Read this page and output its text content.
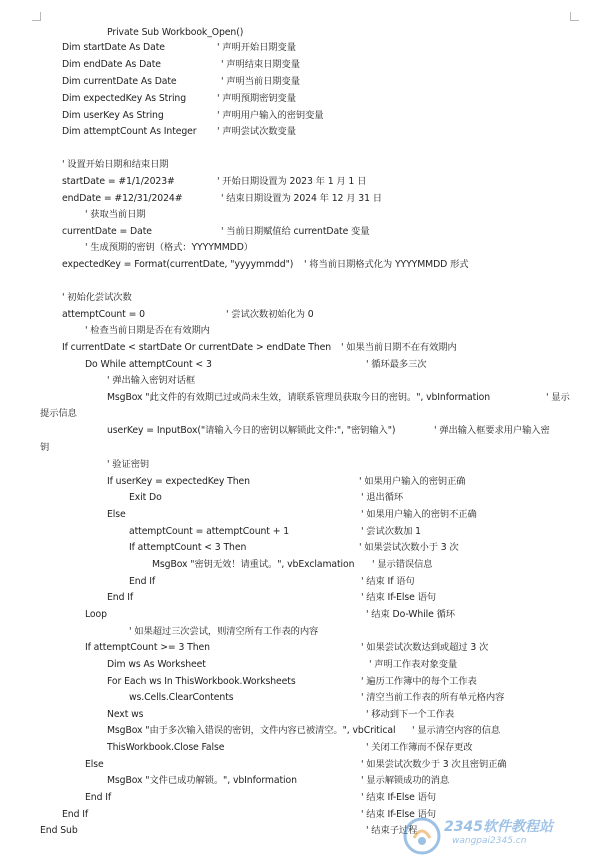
Private Sub Workbook_Open()
Dim startDate As Date	' 声明开始日期变量
Dim endDate As Date	' 声明结束日期变量
Dim currentDate As Date	' 声明当前日期变量
Dim expectedKey As String	' 声明预期密钥变量
Dim userKey As String	' 声明用户输入的密钥变量
Dim attemptCount As Integer ' 声明尝试次数变量
' 设置开始日期和结束日期
startDate = #1/1/2023#	' 开始日期设置为 2023 年 1 月 1 日
endDate = #12/31/2024#	' 结束日期设置为 2024 年 12 月 31 日
' 获取当前日期
currentDate = Date	' 当前日期赋值给 currentDate 变量
' 生成预期的密钥（格式：YYYYMMDD）
expectedKey = Format(currentDate, "yyyymmdd") ' 将当前日期格式化为 YYYYMMDD 形式
' 初始化尝试次数
attemptCount = 0	' 尝试次数初始化为 0
' 检查当前日期是否在有效期内
If currentDate < startDate Or currentDate > endDate Then ' 如果当前日期不在有效期内
Do While attemptCount < 3	' 循环最多三次
' 弹出输入密钥对话框
MsgBox "此文件的有效期已过或尚未生效，请联系管理员获取今日的密钥。", vbInformation	' 显示
提示信息
userKey = InputBox("请输入今日的密钥以解锁此文件:", "密钥输入")	' 弹出输入框要求用户输入密
钥
' 验证密钥
If userKey = expectedKey Then	' 如果用户输入的密钥正确
Exit Do	' 退出循环
Else	' 如果用户输入的密钥不正确
attemptCount = attemptCount + 1	' 尝试次数加 1
If attemptCount < 3 Then	' 如果尝试次数小于 3 次
MsgBox "密钥无效！请重试。", vbExclamation ' 显示错误信息
End If	' 结束 If 语句
End If	' 结束 If-Else 语句
Loop	' 结束 Do-While 循环
' 如果超过三次尝试，则清空所有工作表的内容
If attemptCount >= 3 Then	' 如果尝试次数达到或超过 3 次
Dim ws As Worksheet	' 声明工作表对象变量
For Each ws In ThisWorkbook.Worksheets	' 遍历工作簿中的每个工作表
ws.Cells.ClearContents	' 清空当前工作表的所有单元格内容
Next ws	' 移动到下一个工作表
MsgBox "由于多次输入错误的密钥，文件内容已被清空。", vbCritical ' 显示清空内容的信息
ThisWorkbook.Close False	' 关闭工作簿而不保存更改
Else	' 如果尝试次数少于 3 次且密钥正确
MsgBox "文件已成功解锁。", vbInformation	' 显示解锁成功的消息
End If	' 结束 If-Else 语句
End If	' 结束 If-Else 语句
End Sub	' 结束子过程 2345软件教程站
wangpai2345.cn
